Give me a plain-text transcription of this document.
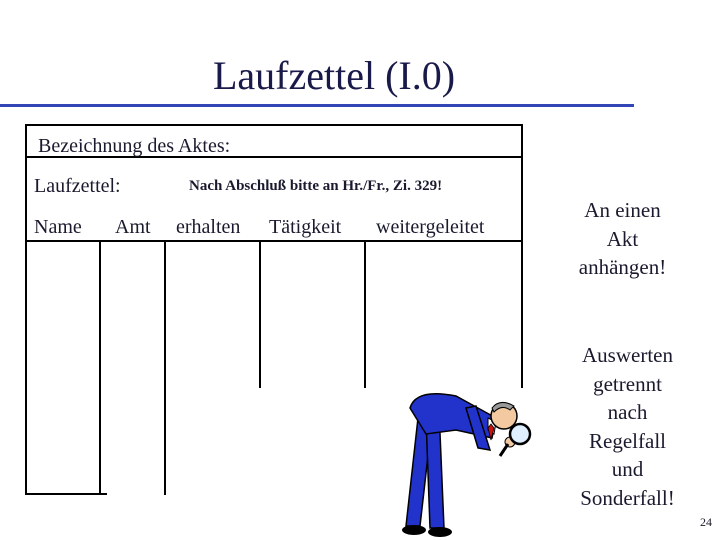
Laufzettel (I.0)
Bezeichnung des Aktes:
Laufzettel:	Nach Abschluß bitte an Hr./Fr., Zi. 329!
Name Amt erhalten Tätigkeit weitergeleitet
An einen
Akt
anhängen!
Auswerten
getrennt
nach
Regelfall
und
Sonderfall!
24
